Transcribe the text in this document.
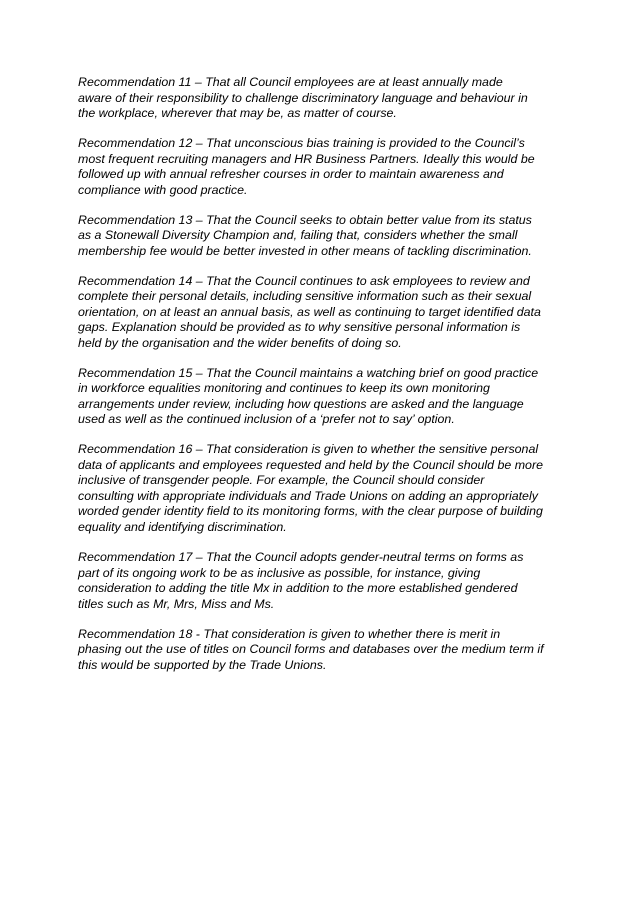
Recommendation 11 – That all Council employees are at least annually made
aware of their responsibility to challenge discriminatory language and behaviour in
the workplace, wherever that may be, as matter of course.

Recommendation 12 – That unconscious bias training is provided to the Council’s
most frequent recruiting managers and HR Business Partners. Ideally this would be
followed up with annual refresher courses in order to maintain awareness and
compliance with good practice.

Recommendation 13 – That the Council seeks to obtain better value from its status
as a Stonewall Diversity Champion and, failing that, considers whether the small
membership fee would be better invested in other means of tackling discrimination.

Recommendation 14 – That the Council continues to ask employees to review and
complete their personal details, including sensitive information such as their sexual
orientation, on at least an annual basis, as well as continuing to target identified data
gaps. Explanation should be provided as to why sensitive personal information is
held by the organisation and the wider benefits of doing so.

Recommendation 15 – That the Council maintains a watching brief on good practice
in workforce equalities monitoring and continues to keep its own monitoring
arrangements under review, including how questions are asked and the language
used as well as the continued inclusion of a ‘prefer not to say’ option.

Recommendation 16 – That consideration is given to whether the sensitive personal
data of applicants and employees requested and held by the Council should be more
inclusive of transgender people. For example, the Council should consider
consulting with appropriate individuals and Trade Unions on adding an appropriately
worded gender identity field to its monitoring forms, with the clear purpose of building
equality and identifying discrimination.

Recommendation 17 – That the Council adopts gender-neutral terms on forms as
part of its ongoing work to be as inclusive as possible, for instance, giving
consideration to adding the title Mx in addition to the more established gendered
titles such as Mr, Mrs, Miss and Ms.

Recommendation 18 - That consideration is given to whether there is merit in
phasing out the use of titles on Council forms and databases over the medium term if
this would be supported by the Trade Unions.
